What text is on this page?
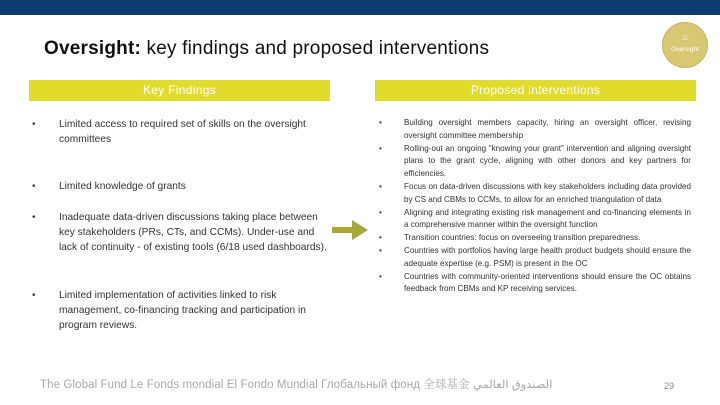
Oversight: key findings and proposed interventions
⌂
Oversight
Key Findings	Proposed interventions
• Limited access to required set of skills on the oversight committees
• Limited knowledge of grants
• Inadequate data-driven discussions taking place between key stakeholders (PRs, CTs, and CCMs). Under-use and lack of continuity - of existing tools (6/18 used dashboards).
• Limited implementation of activities linked to risk management, co-financing tracking and participation in program reviews.
•	Building oversight members capacity, hiring an oversight officer, revising oversight committee membership
•	Rolling-out an ongoing “knowing your grant” intervention and aligning oversight plans to the grant cycle, aligning with other donors and key partners for efficiencies.
•	Focus on data-driven discussions with key stakeholders including data provided by CS and CBMs to CCMs, to allow for an enriched triangulation of data
•	Aligning and integrating existing risk management and co-financing elements in a comprehensive manner within the oversight function
•	Transition countries: focus on overseeing transition preparedness.
•	Countries with portfolios having large health product budgets should ensure the adequate expertise (e.g. PSM) is present in the OC
•	Countries with community-oriented interventions should ensure the OC obtains feedback from CBMs and KP receiving services.
The Global Fund Le Fonds mondial El Fondo Mundial Глобальный фонд 全球基金 الصندوق العالمي	29
